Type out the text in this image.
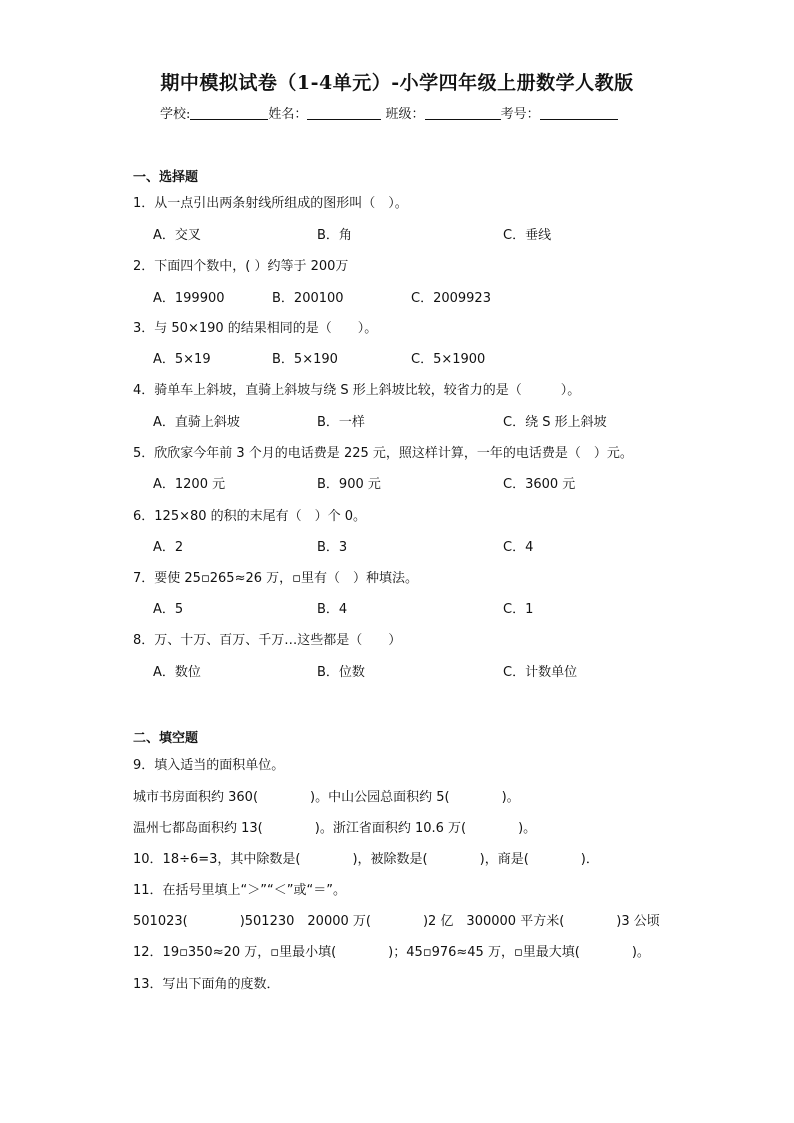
期中模拟试卷（1-4单元）-小学四年级上册数学人教版
学校:	姓名：	班级：	考号：
一、选择题
1．从一点引出两条射线所组成的图形叫（　）。
A．交叉	B．角	C．垂线
2．下面四个数中，( ）约等于 200万
A．199900	B．200100	C．2009923
3．与 50×190 的结果相同的是（　　）。
A．5×19	B．5×190	C．5×1900
4．骑单车上斜坡，直骑上斜坡与绕 S 形上斜坡比较，较省力的是（　　　）。
A．直骑上斜坡	B．一样	C．绕 S 形上斜坡
5．欣欣家今年前 3 个月的电话费是 225 元，照这样计算，一年的电话费是（　）元。
A．1200 元	B．900 元	C．3600 元
6．125×80 的积的末尾有（　）个 0。
A．2	B．3	C．4
7．要使 25▫265≈26 万，▫里有（　）种填法。
A．5	B．4	C．1
8．万、十万、百万、千万…这些都是（　　）
A．数位	B．位数	C．计数单位
二、填空题
9．填入适当的面积单位。
城市书房面积约 360(　　　　)。中山公园总面积约 5(　　　　)。
温州七都岛面积约 13(　　　　)。浙江省面积约 10.6 万(　　　　)。
10．18÷6=3，其中除数是(　　　　)，被除数是(　　　　)，商是(　　　　)．
11．在括号里填上“＞”“＜”或“＝”。
501023(　　　　)501230　20000 万(　　　　)2 亿　300000 平方米(　　　　)3 公顷
12．19▫350≈20 万，▫里最小填(　　　　)；45▫976≈45 万，▫里最大填(　　　　)。
13．写出下面角的度数．
